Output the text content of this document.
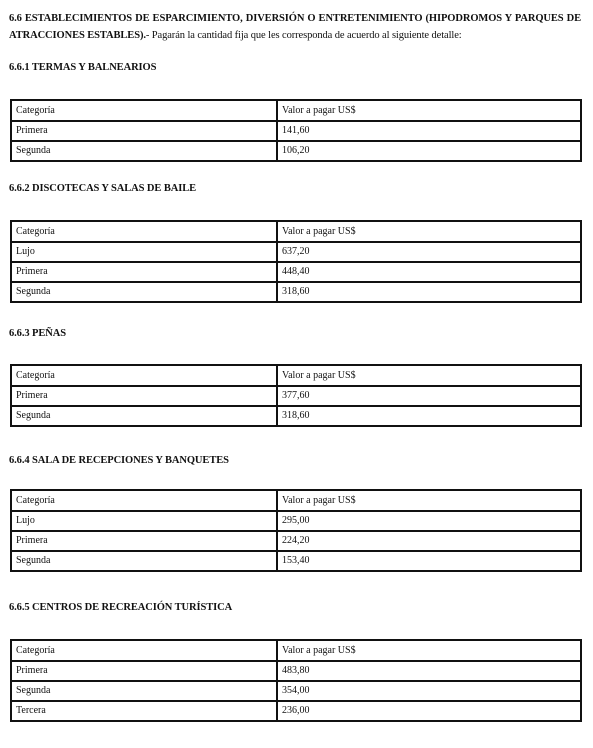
6.6 ESTABLECIMIENTOS DE ESPARCIMIENTO, DIVERSIÓN O ENTRETENIMIENTO (HIPODROMOS Y PARQUES DE ATRACCIONES ESTABLES).- Pagarán la cantidad fija que les corresponda de acuerdo al siguiente detalle:
6.6.1 TERMAS Y BALNEARIOS
Categoría	Valor a pagar US$
Primera	141,60
Segunda	106,20
6.6.2 DISCOTECAS Y SALAS DE BAILE
Categoría	Valor a pagar US$
Lujo	637,20
Primera	448,40
Segunda	318,60
6.6.3 PEÑAS
Categoría	Valor a pagar US$
Primera	377,60
Segunda	318,60
6.6.4 SALA DE RECEPCIONES Y BANQUETES
Categoría	Valor a pagar US$
Lujo	295,00
Primera	224,20
Segunda	153,40
6.6.5 CENTROS DE RECREACIÓN TURÍSTICA
Categoría	Valor a pagar US$
Primera	483,80
Segunda	354,00
Tercera	236,00
